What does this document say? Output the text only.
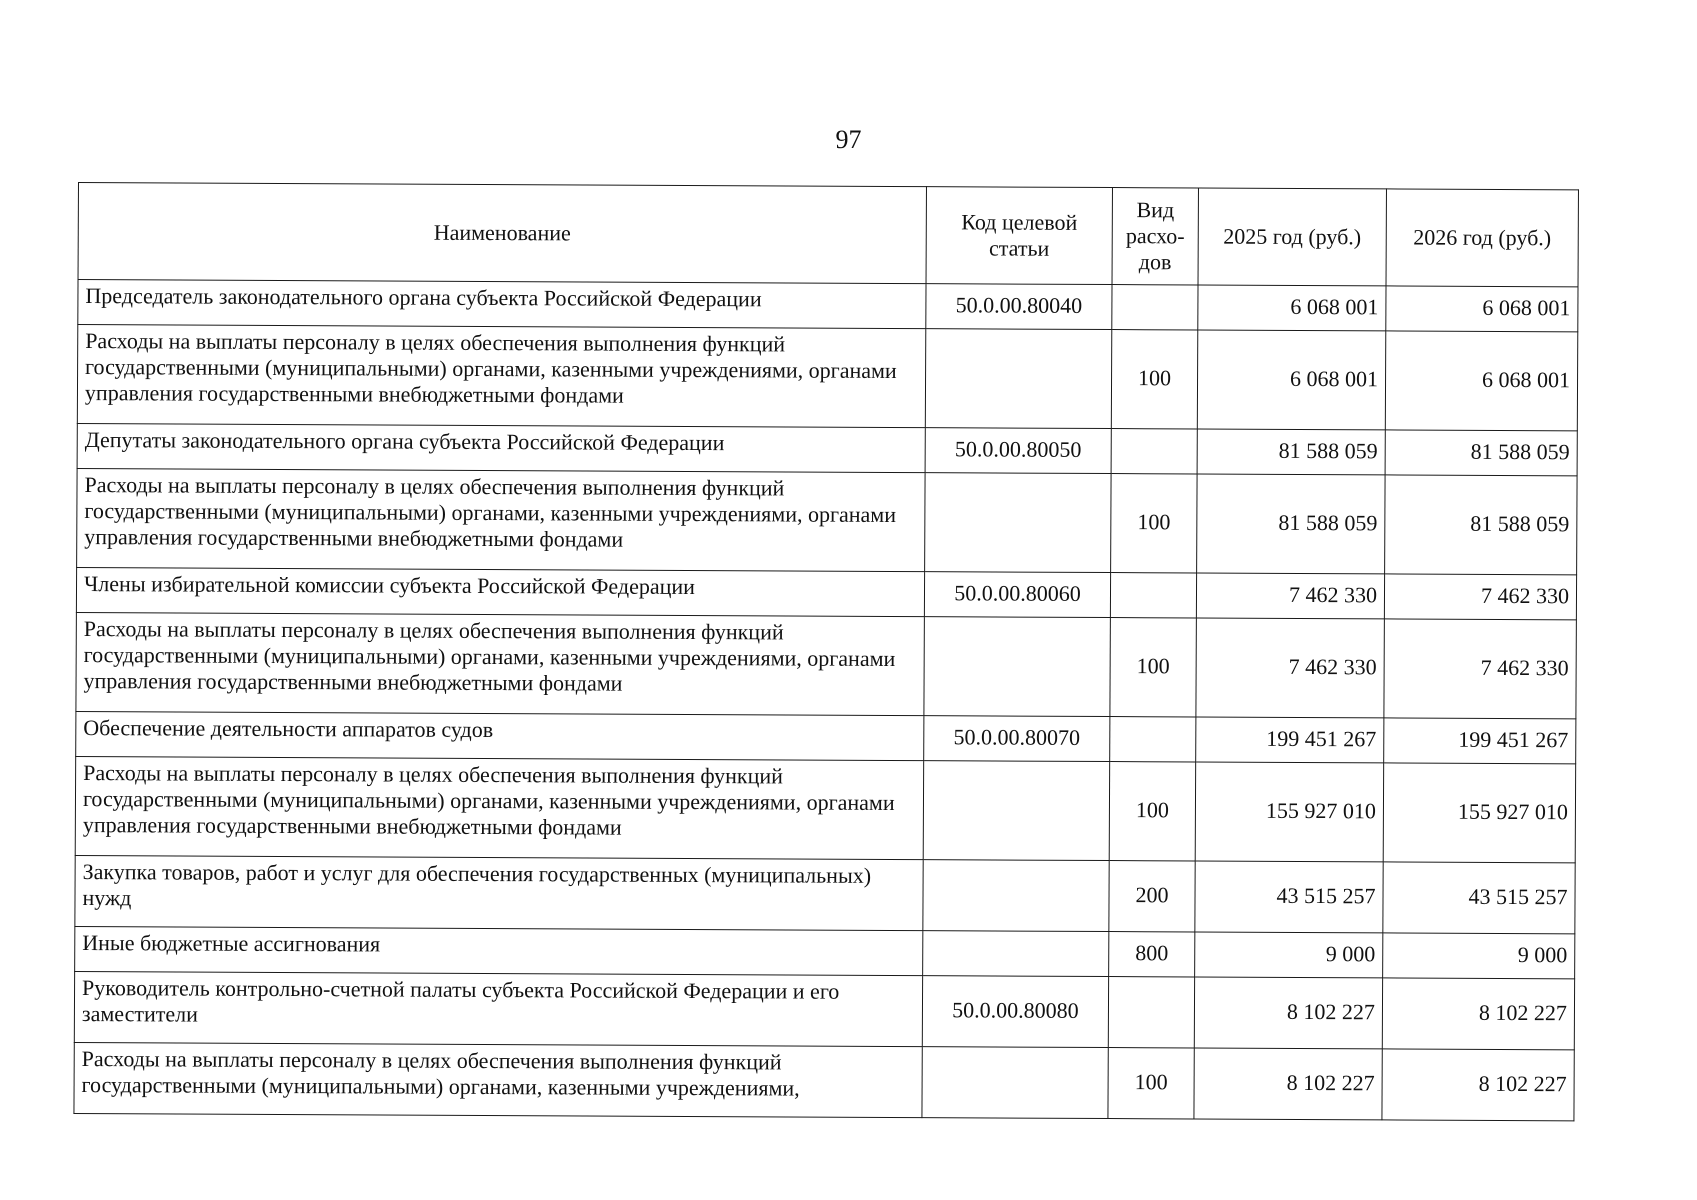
97
Наименование	Код целевой статьи	Вид расхо-дов	2025 год (руб.)	2026 год (руб.)
Председатель законодательного органа субъекта Российской Федерации	50.0.00.80040		6 068 001	6 068 001
Расходы на выплаты персоналу в целях обеспечения выполнения функций государственными (муниципальными) органами, казенными учреждениями, органами управления государственными внебюджетными фондами		100	6 068 001	6 068 001
Депутаты законодательного органа субъекта Российской Федерации	50.0.00.80050		81 588 059	81 588 059
Расходы на выплаты персоналу в целях обеспечения выполнения функций государственными (муниципальными) органами, казенными учреждениями, органами управления государственными внебюджетными фондами		100	81 588 059	81 588 059
Члены избирательной комиссии субъекта Российской Федерации	50.0.00.80060		7 462 330	7 462 330
Расходы на выплаты персоналу в целях обеспечения выполнения функций государственными (муниципальными) органами, казенными учреждениями, органами управления государственными внебюджетными фондами		100	7 462 330	7 462 330
Обеспечение деятельности аппаратов судов	50.0.00.80070		199 451 267	199 451 267
Расходы на выплаты персоналу в целях обеспечения выполнения функций государственными (муниципальными) органами, казенными учреждениями, органами управления государственными внебюджетными фондами		100	155 927 010	155 927 010
Закупка товаров, работ и услуг для обеспечения государственных (муниципальных) нужд		200	43 515 257	43 515 257
Иные бюджетные ассигнования		800	9 000	9 000
Руководитель контрольно-счетной палаты субъекта Российской Федерации и его заместители	50.0.00.80080		8 102 227	8 102 227
Расходы на выплаты персоналу в целях обеспечения выполнения функций государственными (муниципальными) органами, казенными учреждениями,		100	8 102 227	8 102 227
